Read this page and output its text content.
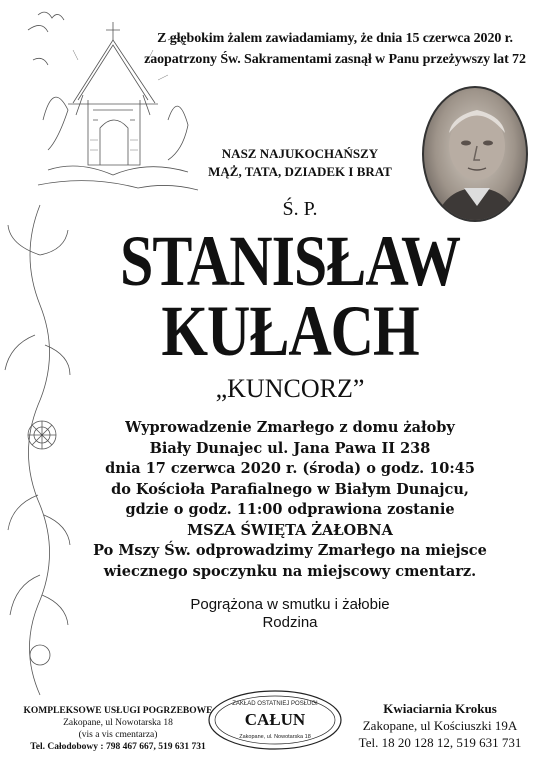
Z głębokim żalem zawiadamiamy, że dnia 15 czerwca 2020 r.
zaopatrzony Św. Sakramentami zasnął w Panu przeżywszy lat 72
NASZ NAJUKOCHAŃSZY
MĄŻ, TATA, DZIADEK I BRAT
Ś. P.
STANISŁAW
KUŁACH
„KUNCORZ”
Wyprowadzenie Zmarłego z domu żałoby
Biały Dunajec ul. Jana Pawa II 238
dnia 17 czerwca 2020 r. (środa) o godz. 10:45
do Kościoła Parafialnego w Białym Dunajcu,
gdzie o godz. 11:00 odprawiona zostanie
MSZA ŚWIĘTA ŻAŁOBNA
Po Mszy Św. odprowadzimy Zmarłego na miejsce
wiecznego spoczynku na miejscowy cmentarz.
Pogrążona w smutku i żałobie
Rodzina
KOMPLEKSOWE USŁUGI POGRZEBOWE
Zakopane, ul Nowotarska 18
(vis a vis cmentarza)
Tel. Całodobowy : 798 467 667, 519 631 731
ZAKŁAD OSTATNIEJ POSŁUGI
CAŁUN
Zakopane, ul. Nowotarska 18
Kwiaciarnia Krokus
Zakopane, ul Kościuszki 19A
Tel. 18 20 128 12, 519 631 731
